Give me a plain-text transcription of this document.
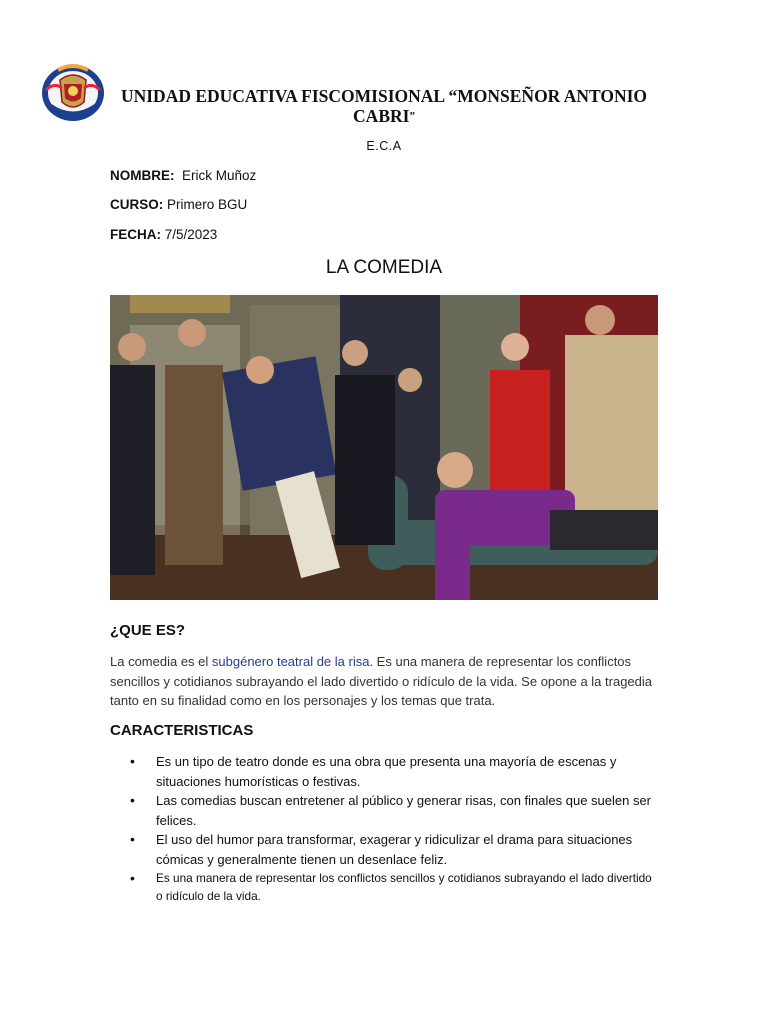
UNIDAD EDUCATIVA FISCOMISIONAL “MONSEÑOR ANTONIO
CABRI”
E.C.A
NOMBRE: Erick Muñoz
CURSO: Primero BGU
FECHA: 7/5/2023
LA COMEDIA
¿QUE ES?
La comedia es el subgénero teatral de la risa. Es una manera de representar los conflictos sencillos y cotidianos subrayando el lado divertido o ridículo de la vida. Se opone a la tragedia tanto en su finalidad como en los personajes y los temas que trata.
CARACTERISTICAS
• Es un tipo de teatro donde es una obra que presenta una mayoría de escenas y situaciones humorísticas o festivas.
• Las comedias buscan entretener al público y generar risas, con finales que suelen ser felices.
• El uso del humor para transformar, exagerar y ridiculizar el drama para situaciones cómicas y generalmente tienen un desenlace feliz.
• Es una manera de representar los conflictos sencillos y cotidianos subrayando el lado divertido o ridículo de la vida.
